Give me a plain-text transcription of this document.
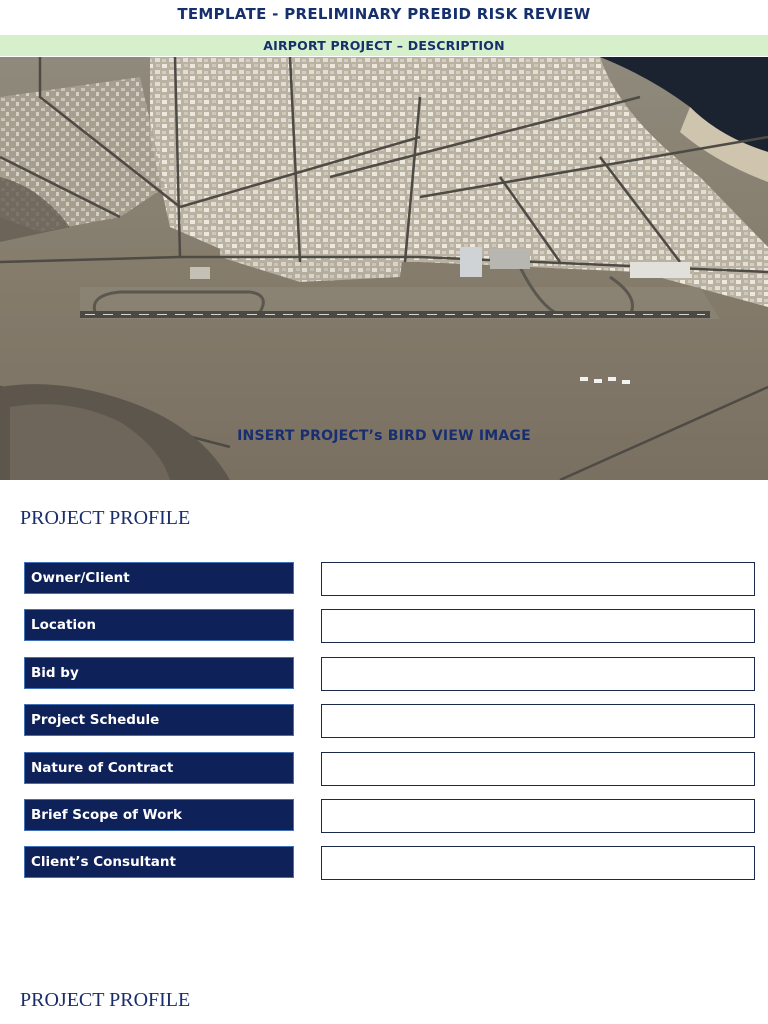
TEMPLATE - PRELIMINARY PREBID RISK REVIEW
AIRPORT PROJECT – DESCRIPTION
INSERT PROJECT’s BIRD VIEW IMAGE
PROJECT PROFILE
Owner/Client
Location
Bid by
Project Schedule
Nature of Contract
Brief Scope of Work
Client’s Consultant
PROJECT PROFILE
